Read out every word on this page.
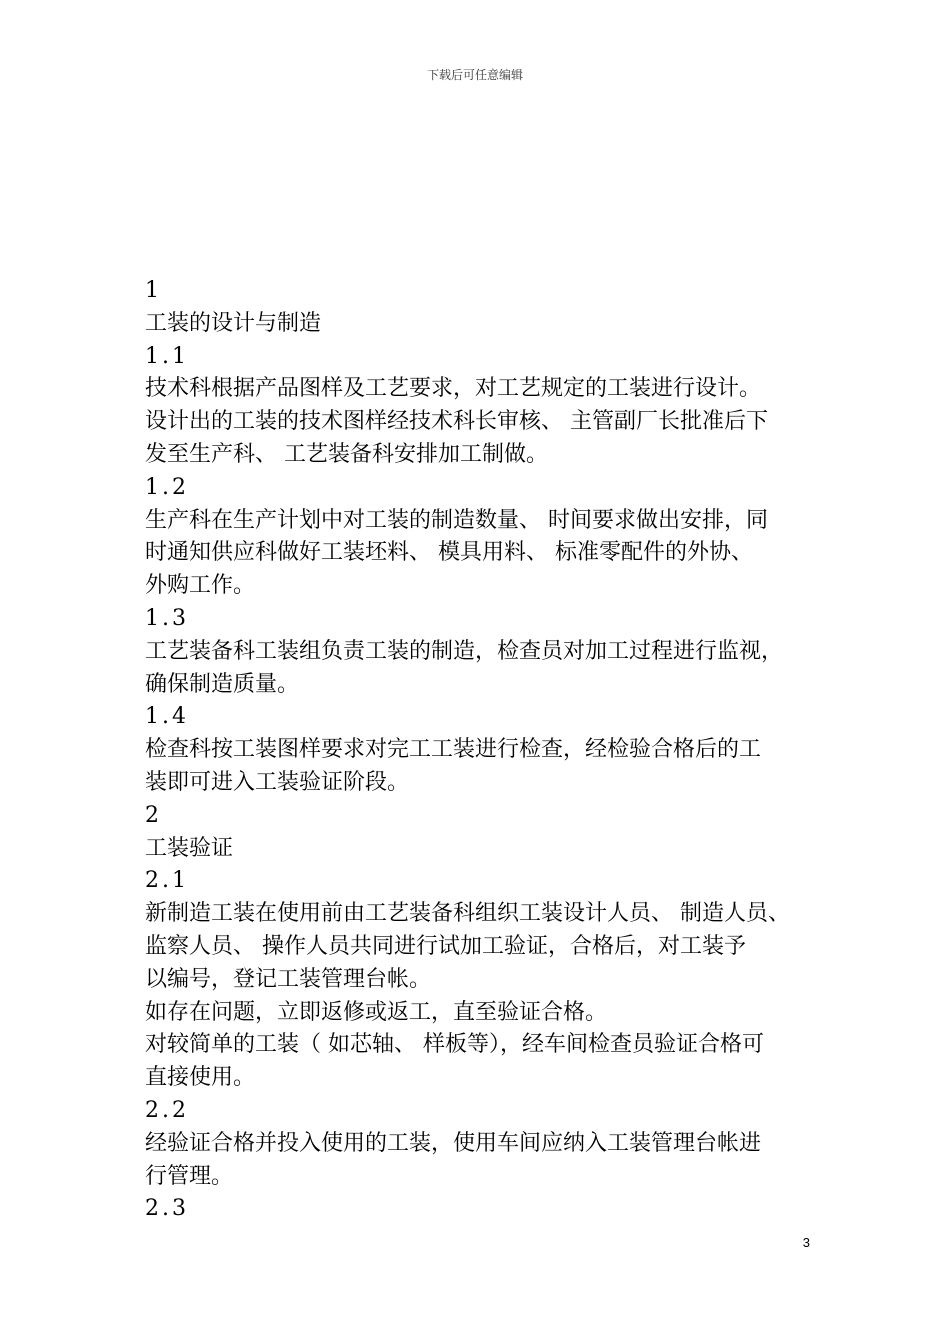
下载后可任意编辑
1
工装的设计与制造
1.1
技术科根据产品图样及工艺要求，对工艺规定的工装进行设计。
设计出的工装的技术图样经技术科长审核、 主管副厂长批准后下
发至生产科、 工艺装备科安排加工制做。
1.2
生产科在生产计划中对工装的制造数量、 时间要求做出安排，同
时通知供应科做好工装坯料、 模具用料、 标准零配件的外协、
外购工作。
1.3
工艺装备科工装组负责工装的制造，检查员对加工过程进行监视，
确保制造质量。
1.4
检查科按工装图样要求对完工工装进行检查，经检验合格后的工
装即可进入工装验证阶段。
2
工装验证
2.1
新制造工装在使用前由工艺装备科组织工装设计人员、 制造人员、
监察人员、 操作人员共同进行试加工验证，合格后，对工装予
以编号，登记工装管理台帐。
如存在问题，立即返修或返工，直至验证合格。
对较简单的工装（ 如芯轴、 样板等），经车间检查员验证合格可
直接使用。
2.2
经验证合格并投入使用的工装，使用车间应纳入工装管理台帐进
行管理。
2.3
3
